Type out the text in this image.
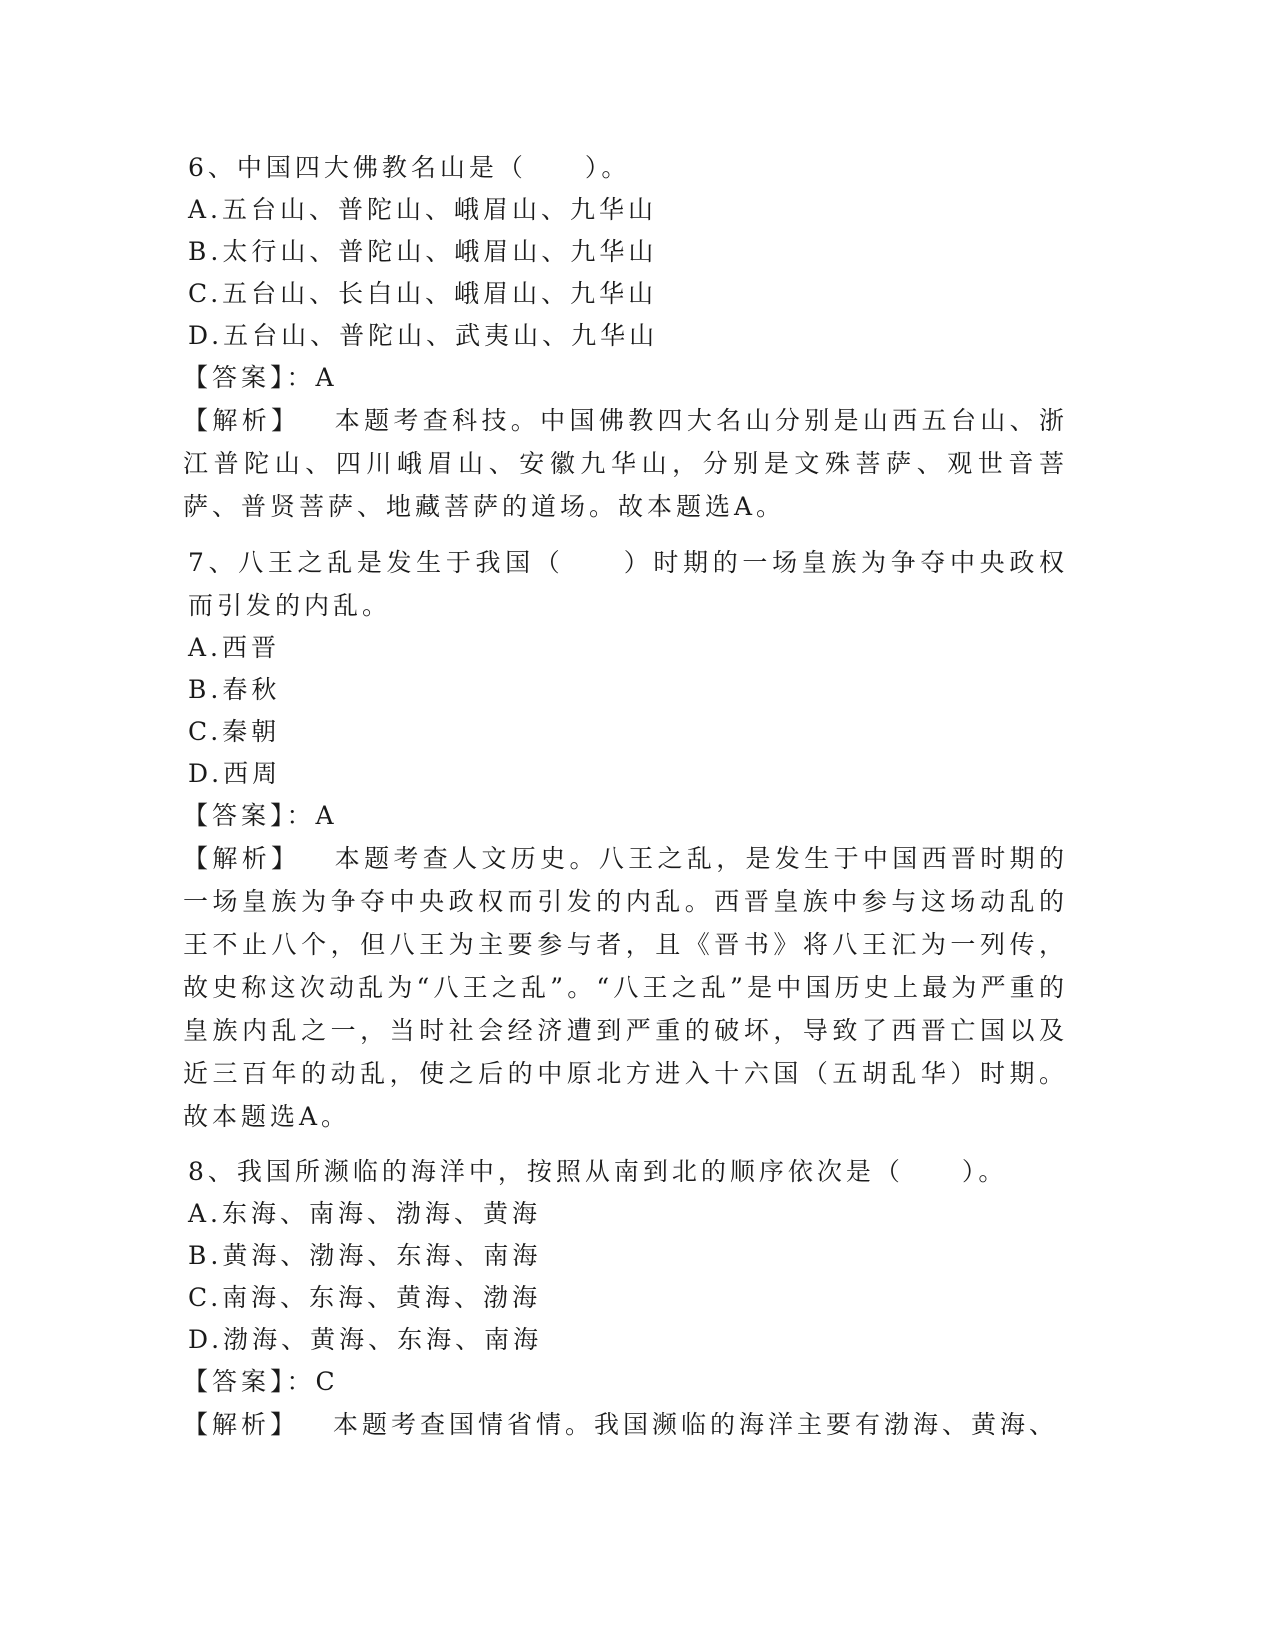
6、中国四大佛教名山是（　　）。
A.五台山、普陀山、峨眉山、九华山
B.太行山、普陀山、峨眉山、九华山
C.五台山、长白山、峨眉山、九华山
D.五台山、普陀山、武夷山、九华山
【答案】：A
【解析】 本题考查科技。中国佛教四大名山分别是山西五台山、浙江普陀山、四川峨眉山、安徽九华山，分别是文殊菩萨、观世音菩萨、普贤菩萨、地藏菩萨的道场。故本题选A。
7、八王之乱是发生于我国（　　）时期的一场皇族为争夺中央政权而引发的内乱。
A.西晋
B.春秋
C.秦朝
D.西周
【答案】：A
【解析】 本题考查人文历史。八王之乱，是发生于中国西晋时期的一场皇族为争夺中央政权而引发的内乱。西晋皇族中参与这场动乱的王不止八个，但八王为主要参与者，且《晋书》将八王汇为一列传，故史称这次动乱为“八王之乱”。“八王之乱”是中国历史上最为严重的皇族内乱之一，当时社会经济遭到严重的破坏，导致了西晋亡国以及近三百年的动乱，使之后的中原北方进入十六国（五胡乱华）时期。故本题选A。
8、我国所濒临的海洋中，按照从南到北的顺序依次是（　　）。
A.东海、南海、渤海、黄海
B.黄海、渤海、东海、南海
C.南海、东海、黄海、渤海
D.渤海、黄海、东海、南海
【答案】：C
【解析】 本题考查国情省情。我国濒临的海洋主要有渤海、黄海、
